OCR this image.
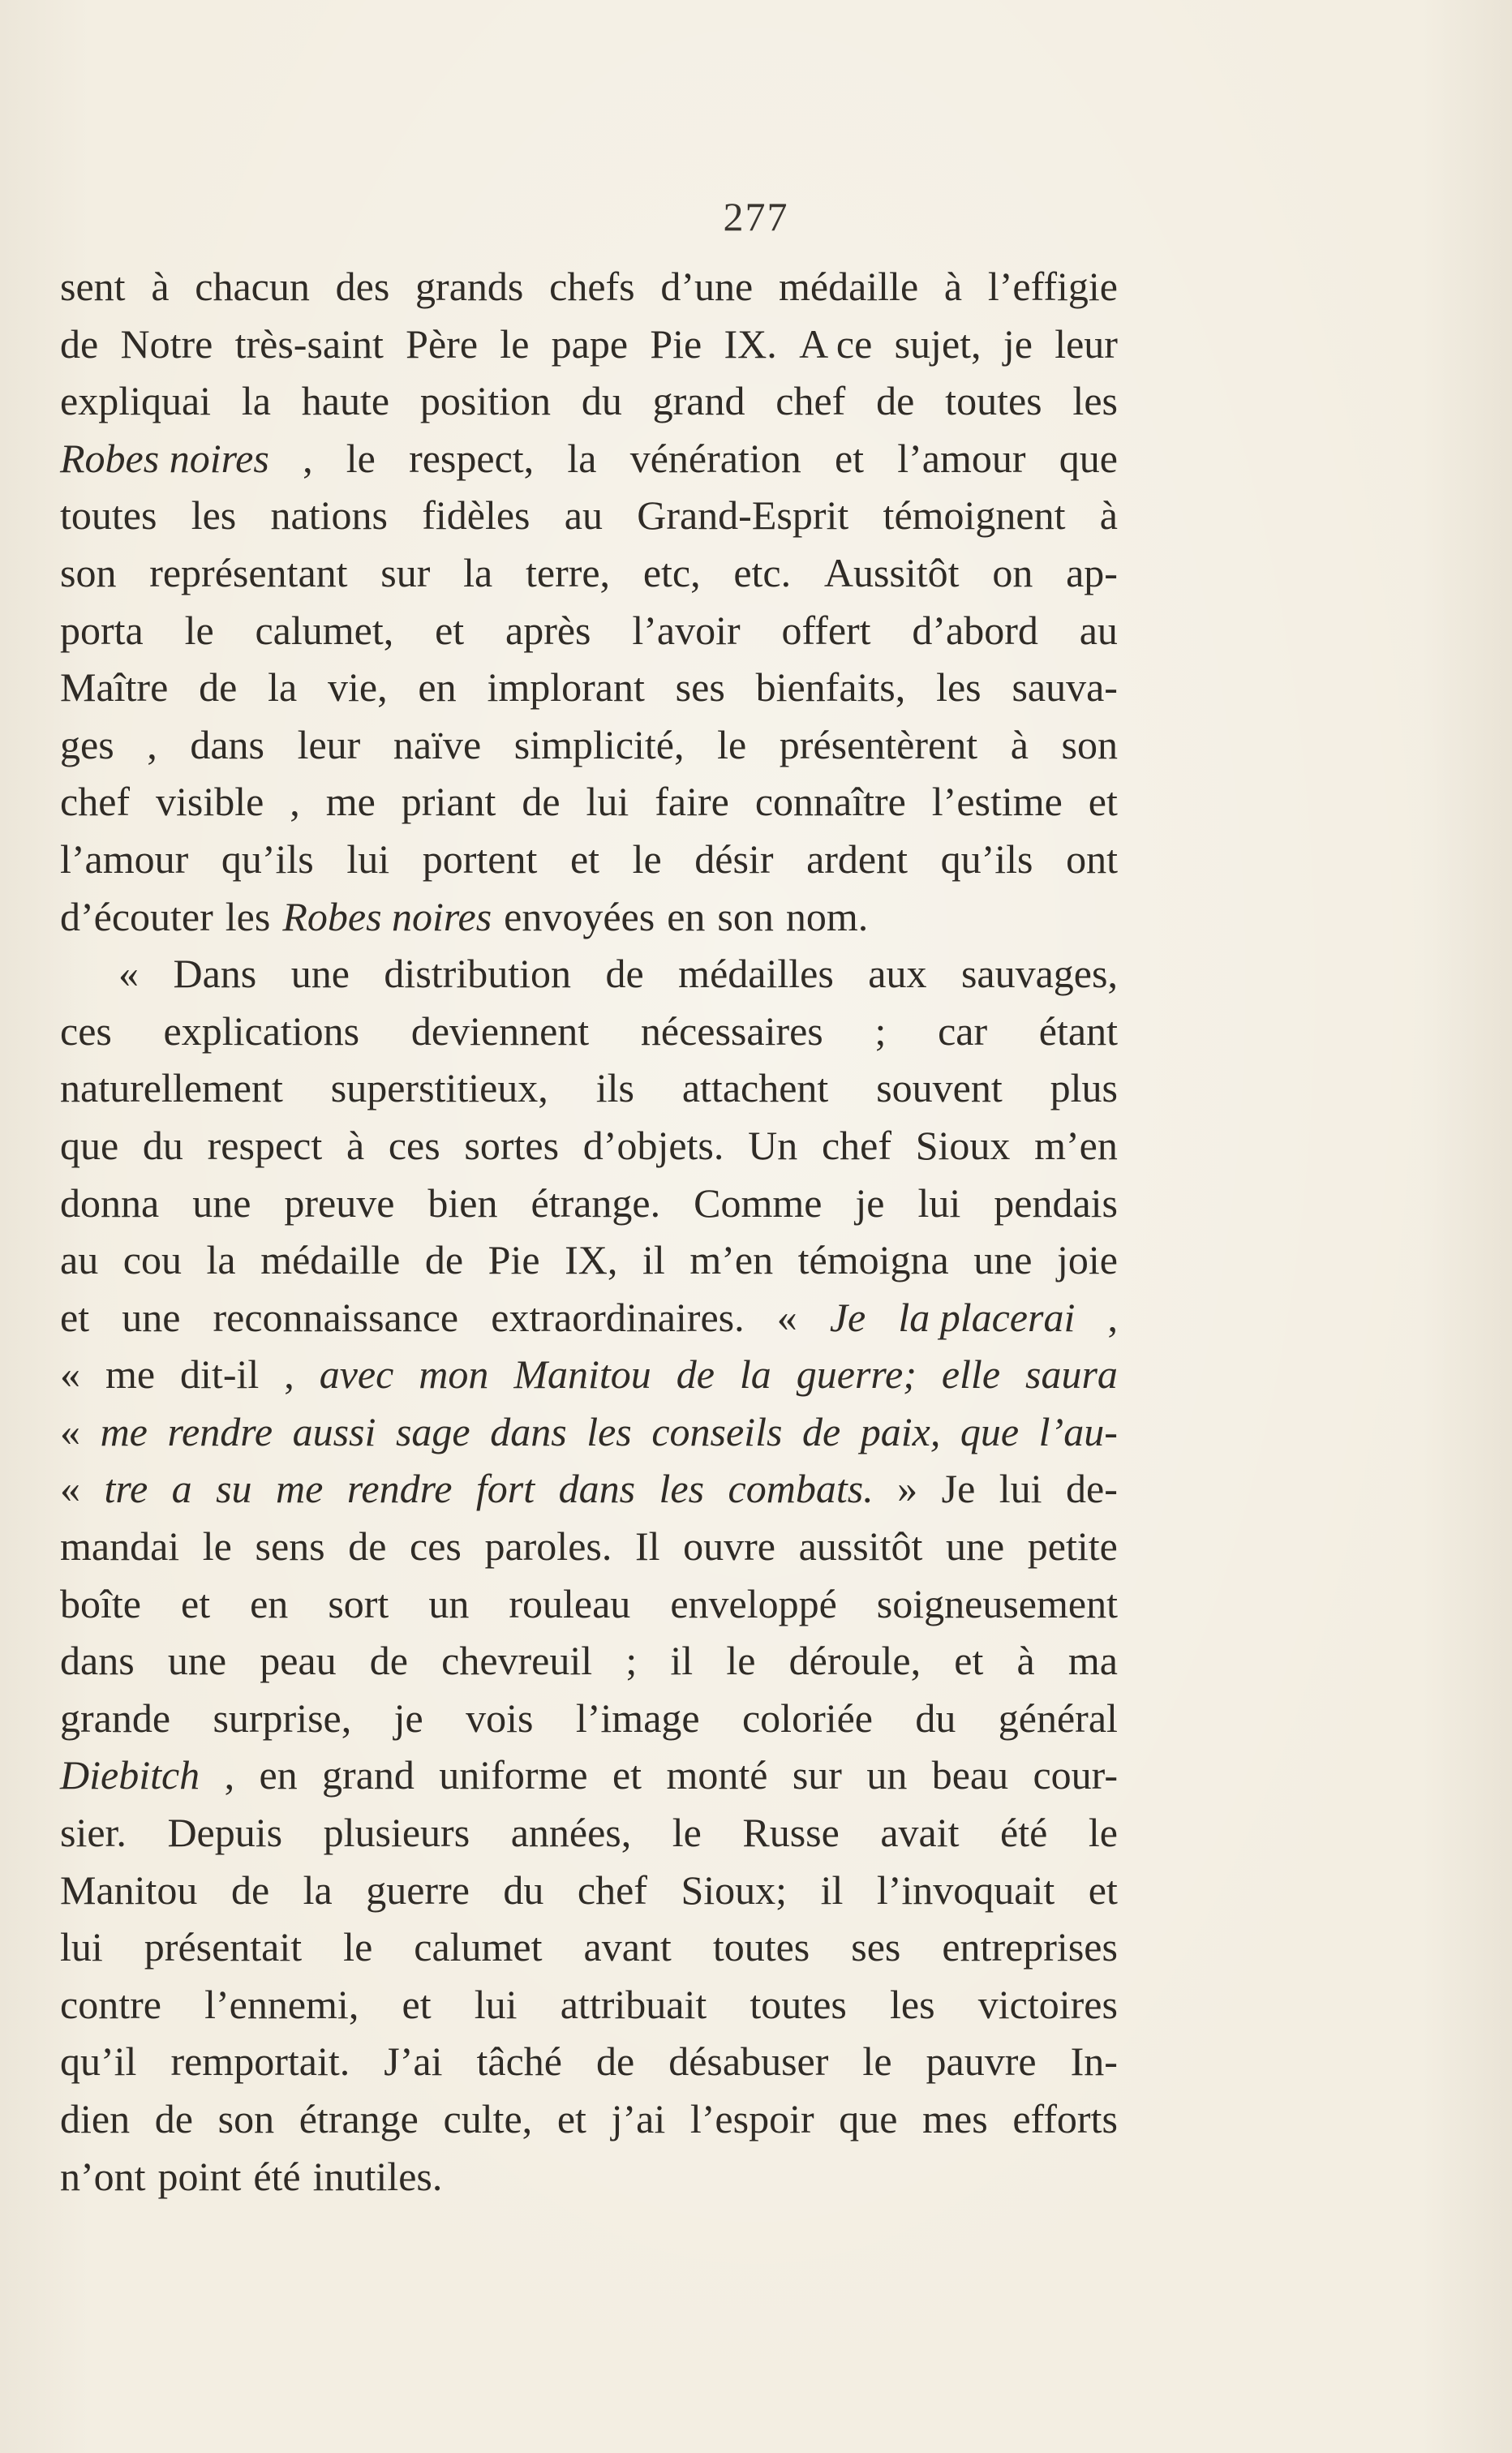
277
sent à chacun des grands chefs d’une médaille à l’effigie
de Notre très-saint Père le pape Pie IX. A ce sujet, je leur
expliquai la haute position du grand chef de toutes les
Robes noires , le respect, la vénération et l’amour que
toutes les nations fidèles au Grand-Esprit témoignent à
son représentant sur la terre, etc, etc. Aussitôt on ap-
porta le calumet, et après l’avoir offert d’abord au
Maître de la vie, en implorant ses bienfaits, les sauva-
ges , dans leur naïve simplicité, le présentèrent à son
chef visible , me priant de lui faire connaître l’estime et
l’amour qu’ils lui portent et le désir ardent qu’ils ont
d’écouter les Robes noires envoyées en son nom.
« Dans une distribution de médailles aux sauvages,
ces explications deviennent nécessaires ; car étant
naturellement superstitieux, ils attachent souvent plus
que du respect à ces sortes d’objets. Un chef Sioux m’en
donna une preuve bien étrange. Comme je lui pendais
au cou la médaille de Pie IX, il m’en témoigna une joie
et une reconnaissance extraordinaires. « Je la placerai ,
« me dit-il , avec mon Manitou de la guerre; elle saura
« me rendre aussi sage dans les conseils de paix, que l’au-
« tre a su me rendre fort dans les combats. » Je lui de-
mandai le sens de ces paroles. Il ouvre aussitôt une petite
boîte et en sort un rouleau enveloppé soigneusement
dans une peau de chevreuil ; il le déroule, et à ma
grande surprise, je vois l’image coloriée du général
Diebitch , en grand uniforme et monté sur un beau cour-
sier. Depuis plusieurs années, le Russe avait été le
Manitou de la guerre du chef Sioux; il l’invoquait et
lui présentait le calumet avant toutes ses entreprises
contre l’ennemi, et lui attribuait toutes les victoires
qu’il remportait. J’ai tâché de désabuser le pauvre In-
dien de son étrange culte, et j’ai l’espoir que mes efforts
n’ont point été inutiles.
